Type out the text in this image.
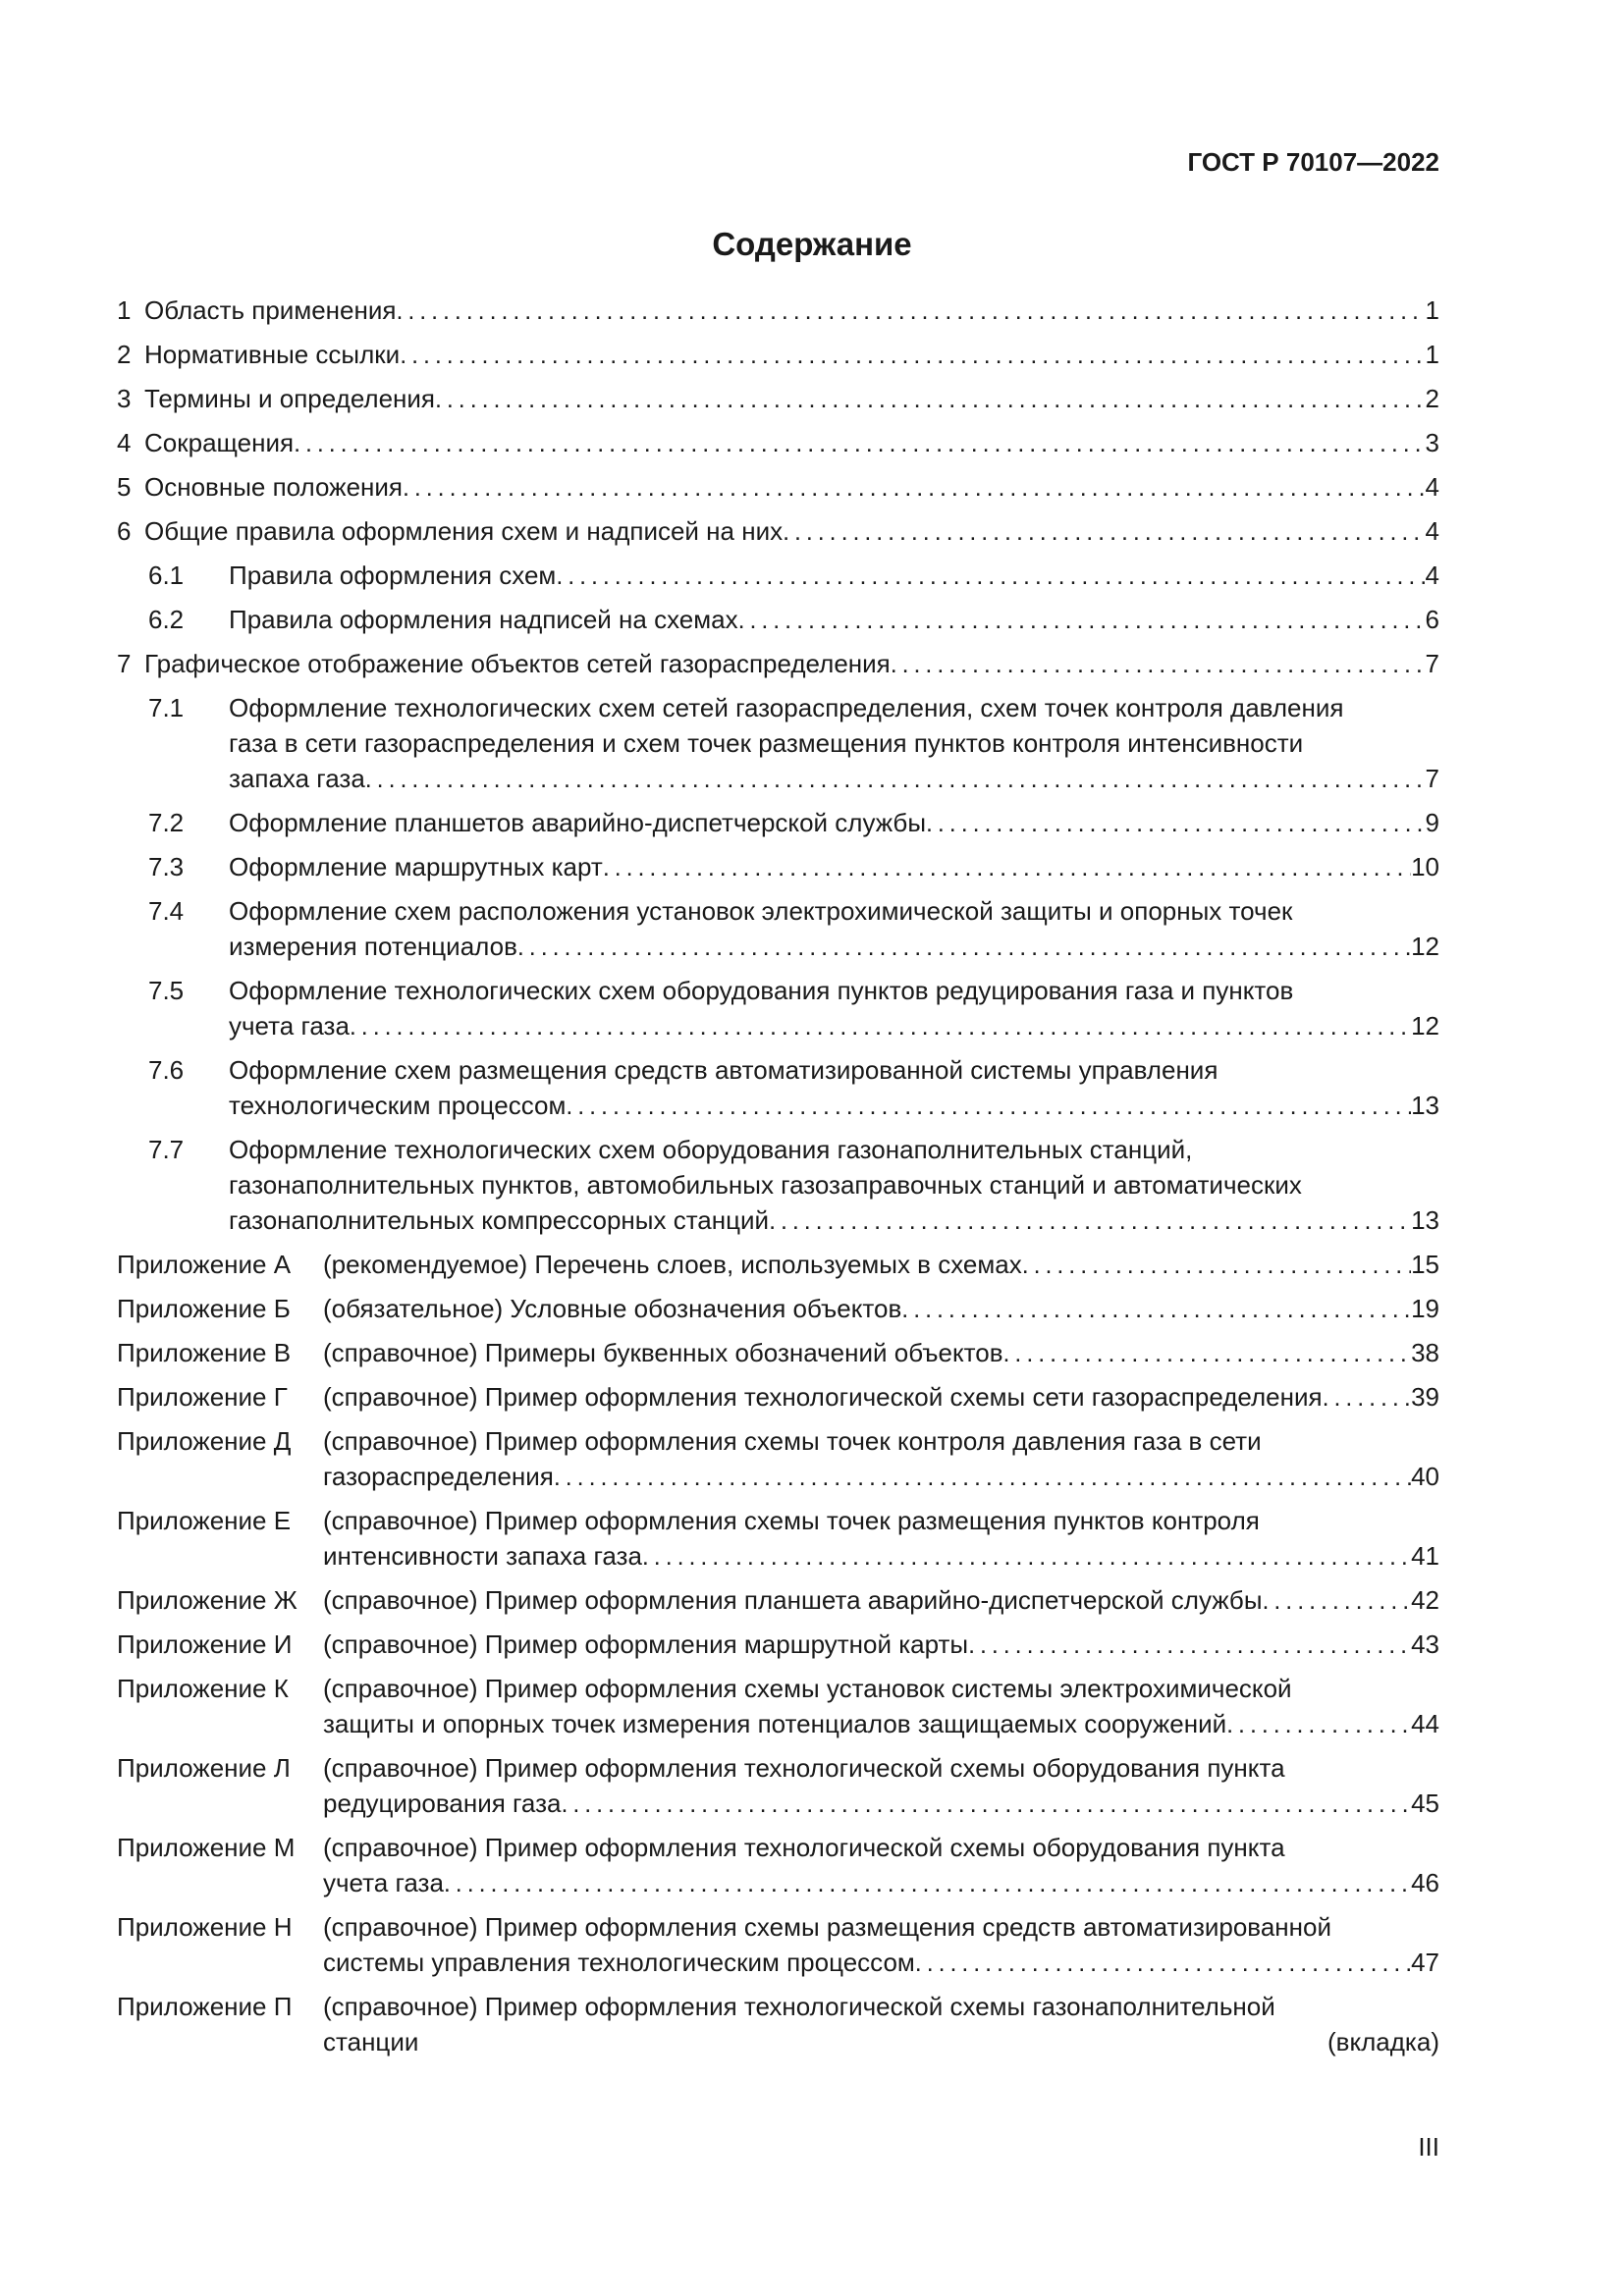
ГОСТ Р 70107—2022
Содержание
1 Область применения . . .	1
2 Нормативные ссылки . . .	1
3 Термины и определения . . .	2
4 Сокращения . . .	3
5 Основные положения . . .	4
6 Общие правила оформления схем и надписей на них . . .	4
6.1	Правила оформления схем . . .	4
6.2	Правила оформления надписей на схемах . . .	6
7 Графическое отображение объектов сетей газораспределения . . .	7
7.1	Оформление технологических схем сетей газораспределения, схем точек контроля давления
газа в сети газораспределения и схем точек размещения пунктов контроля интенсивности
запаха газа . . .	7
7.2	Оформление планшетов аварийно-диспетчерской службы . . .	9
7.3	Оформление маршрутных карт . . .	10
7.4	Оформление схем расположения установок электрохимической защиты и опорных точек
измерения потенциалов . . .	12
7.5	Оформление технологических схем оборудования пунктов редуцирования газа и пунктов
учета газа . . .	12
7.6	Оформление схем размещения средств автоматизированной системы управления
технологическим процессом . . .	13
7.7	Оформление технологических схем оборудования газонаполнительных станций,
газонаполнительных пунктов, автомобильных газозаправочных станций и автоматических
газонаполнительных компрессорных станций . . .	13
Приложение А	(рекомендуемое) Перечень слоев, используемых в схемах . . .	15
Приложение Б	(обязательное) Условные обозначения объектов . . .	19
Приложение В	(справочное) Примеры буквенных обозначений объектов . . .	38
Приложение Г	(справочное) Пример оформления технологической схемы сети газораспределения . . .	39
Приложение Д	(справочное) Пример оформления схемы точек контроля давления газа в сети
газораспределения . . .	40
Приложение Е	(справочное) Пример оформления схемы точек размещения пунктов контроля
интенсивности запаха газа . . .	41
Приложение Ж	(справочное) Пример оформления планшета аварийно-диспетчерской службы . . .	42
Приложение И	(справочное) Пример оформления маршрутной карты . . .	43
Приложение К	(справочное) Пример оформления схемы установок системы электрохимической
защиты и опорных точек измерения потенциалов защищаемых сооружений . . .	44
Приложение Л	(справочное) Пример оформления технологической схемы оборудования пункта
редуцирования газа . . .	45
Приложение М	(справочное) Пример оформления технологической схемы оборудования пункта
учета газа . . .	46
Приложение Н	(справочное) Пример оформления схемы размещения средств автоматизированной
системы управления технологическим процессом . . .	47
Приложение П	(справочное) Пример оформления технологической схемы газонаполнительной
станции	(вкладка)
III
